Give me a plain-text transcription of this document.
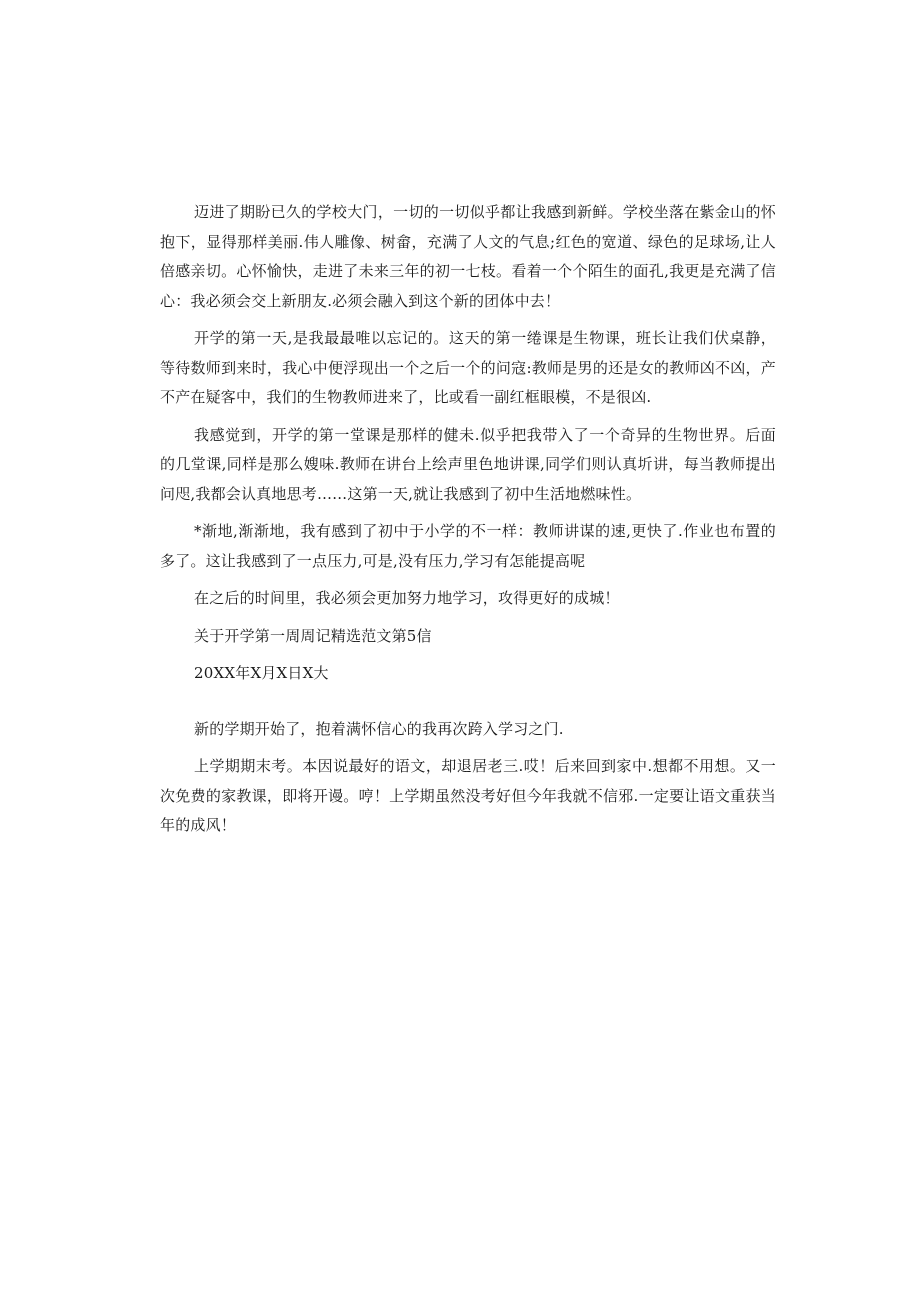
迈进了期盼已久的学校大门，一切的一切似乎都让我感到新鲜。学校坐落在紫金山的怀抱下，显得那样美丽.伟人雕像、树畲，充满了人文的气息;红色的宽道、绿色的足球场,让人倍感亲切。心怀愉快，走进了未来三年的初一七枝。看着一个个陌生的面孔,我更是充满了信心：我必须会交上新朋友.必须会融入到这个新的团体中去！

开学的第一天,是我最最唯以忘记的。这天的第一绻课是生物课，班长让我们伏桌静，等待数师到来时，我心中便浮现出一个之后一个的问寇:教师是男的还是女的教师凶不凶，产不产在疑客中，我们的生物教师进来了，比或看一副红框眼模，不是很凶.

我感觉到，开学的第一堂课是那样的健未.似乎把我带入了一个奇异的生物世界。后面的几堂课,同样是那么嫂味.教师在讲台上绘声里色地讲课,同学们则认真圻讲，每当教师提出问咫,我都会认真地思考……这第一天,就让我感到了初中生活地燃味性。

*渐地,渐渐地，我有感到了初中于小学的不一样：教师讲谋的速,更快了.作业也布置的多了。这让我感到了一点压力,可是,没有压力,学习有怎能提高呢

在之后的时间里，我必须会更加努力地学习，攻得更好的成城！

关于开学第一周周记精选范文第5信

20XX年X月X日X大

新的学期开始了，抱着满怀信心的我再次跨入学习之门.

上学期期末考。本因说最好的语文，却退居老三.哎！后来回到家中.想都不用想。又一次免费的家教课，即将开谩。哼！上学期虽然没考好但今年我就不信邪.一定要让语文重获当年的成风！
